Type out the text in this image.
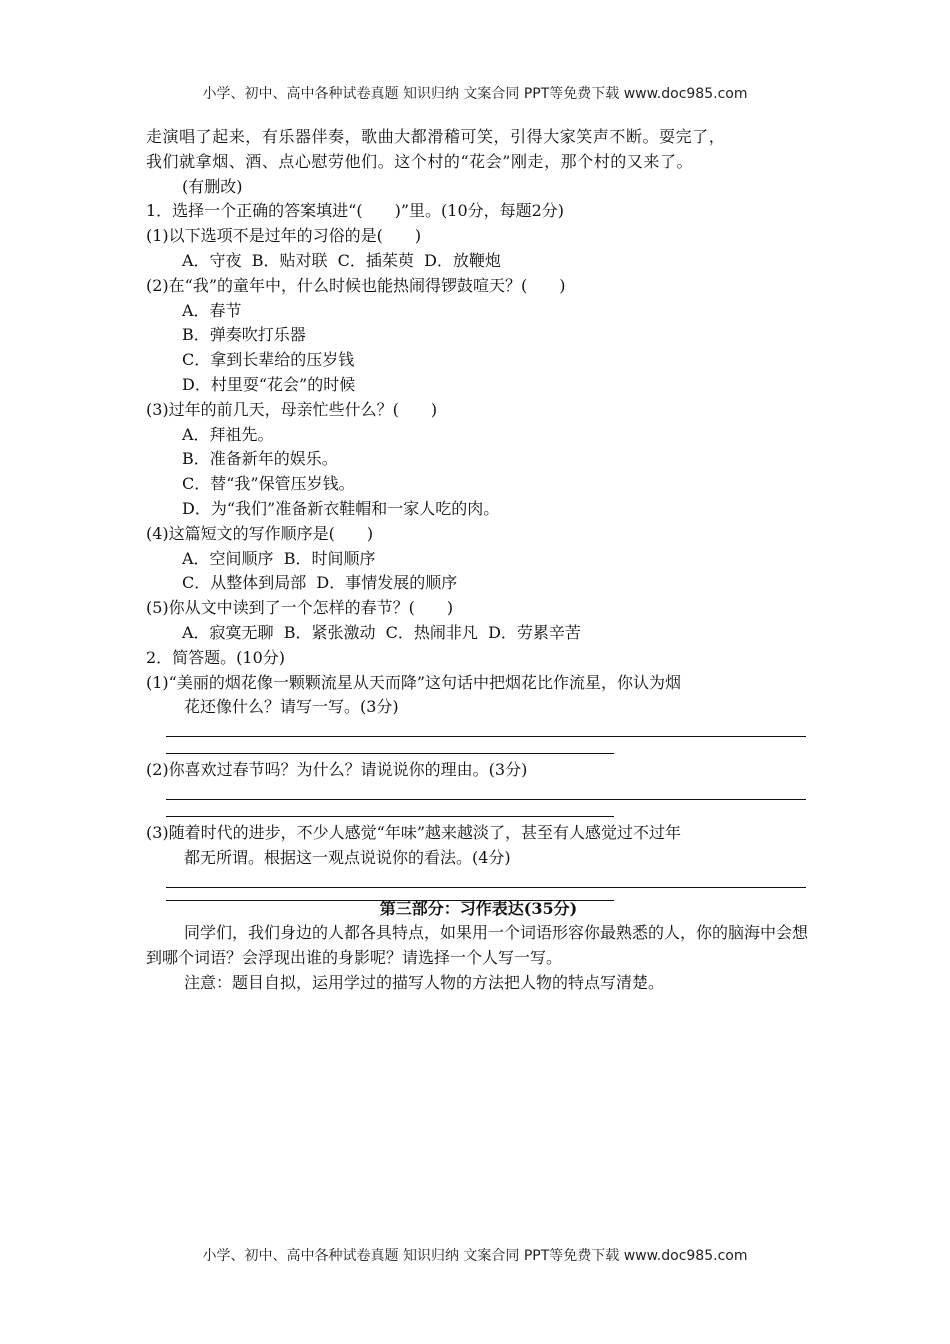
小学、初中、高中各种试卷真题 知识归纳 文案合同 PPT等免费下载 www.doc985.com
走演唱了起来，有乐器伴奏，歌曲大都滑稽可笑，引得大家笑声不断。耍完了，
我们就拿烟、酒、点心慰劳他们。这个村的“花会”刚走，那个村的又来了。
(有删改)
1．选择一个正确的答案填进“(　　)”里。(10分，每题2分)
(1)以下选项不是过年的习俗的是(　　)
A．守夜  B．贴对联  C．插茱萸  D．放鞭炮
(2)在“我”的童年中，什么时候也能热闹得锣鼓喧天？(　　)
A．春节
B．弹奏吹打乐器
C．拿到长辈给的压岁钱
D．村里耍“花会”的时候
(3)过年的前几天，母亲忙些什么？(　　)
A．拜祖先。
B．准备新年的娱乐。
C．替“我”保管压岁钱。
D．为“我们”准备新衣鞋帽和一家人吃的肉。
(4)这篇短文的写作顺序是(　　)
A．空间顺序  B．时间顺序
C．从整体到局部  D．事情发展的顺序
(5)你从文中读到了一个怎样的春节？(　　)
A．寂寞无聊  B．紧张激动  C．热闹非凡  D．劳累辛苦
2．简答题。(10分)
(1)“美丽的烟花像一颗颗流星从天而降”这句话中把烟花比作流星，你认为烟
花还像什么？请写一写。(3分)
(2)你喜欢过春节吗？为什么？请说说你的理由。(3分)
(3)随着时代的进步，不少人感觉“年味”越来越淡了，甚至有人感觉过不过年
都无所谓。根据这一观点说说你的看法。(4分)
第三部分：习作表达(35分)
同学们，我们身边的人都各具特点，如果用一个词语形容你最熟悉的人，你的脑海中会想到哪个词语？会浮现出谁的身影呢？请选择一个人写一写。
注意：题目自拟，运用学过的描写人物的方法把人物的特点写清楚。
小学、初中、高中各种试卷真题 知识归纳 文案合同 PPT等免费下载 www.doc985.com
